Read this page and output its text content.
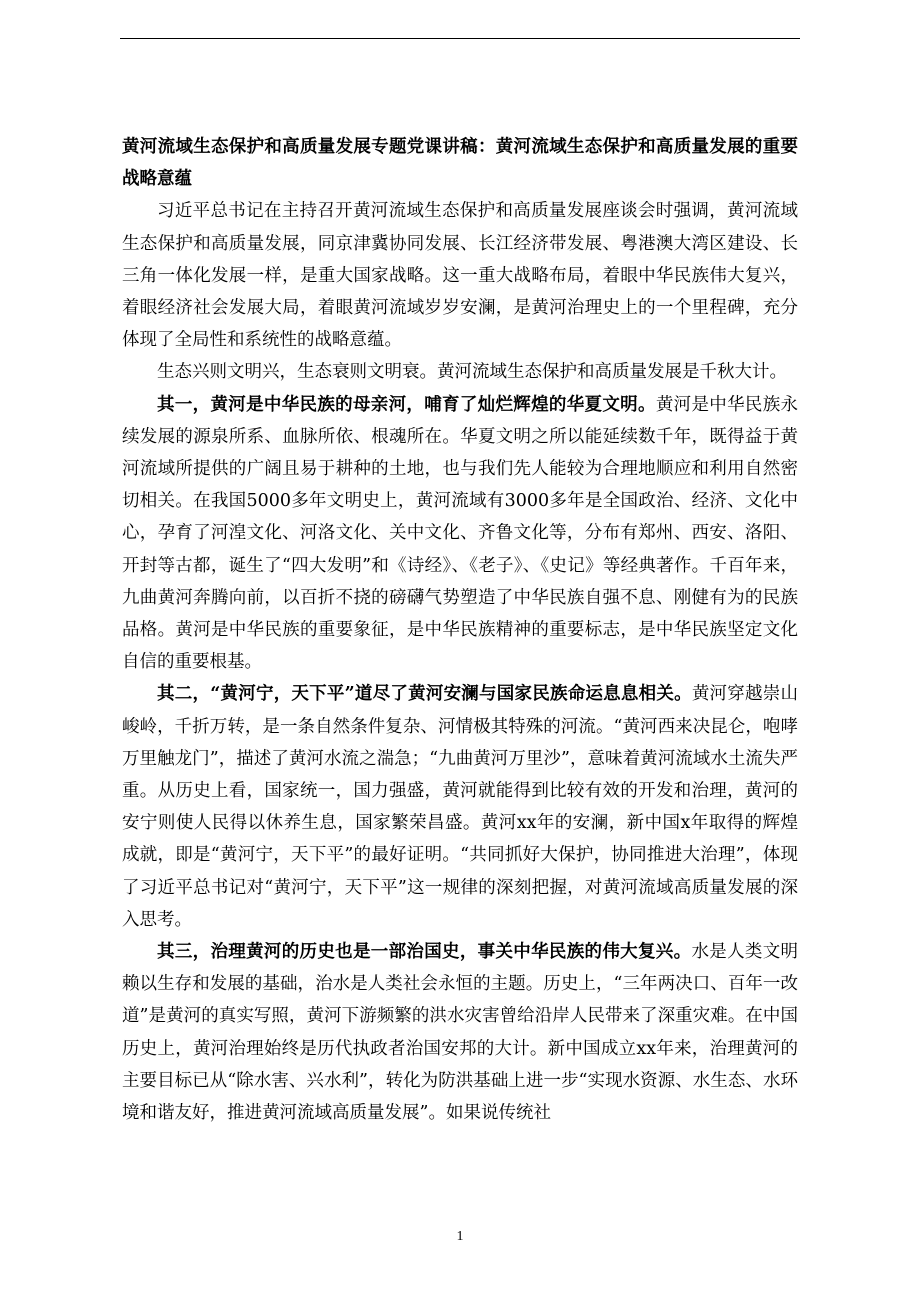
黄河流域生态保护和高质量发展专题党课讲稿：黄河流域生态保护和高质量发展的重要战略意蕴

习近平总书记在主持召开黄河流域生态保护和高质量发展座谈会时强调，黄河流域生态保护和高质量发展，同京津冀协同发展、长江经济带发展、粤港澳大湾区建设、长三角一体化发展一样，是重大国家战略。这一重大战略布局，着眼中华民族伟大复兴，着眼经济社会发展大局，着眼黄河流域岁岁安澜，是黄河治理史上的一个里程碑，充分体现了全局性和系统性的战略意蕴。

生态兴则文明兴，生态衰则文明衰。黄河流域生态保护和高质量发展是千秋大计。

其一，黄河是中华民族的母亲河，哺育了灿烂辉煌的华夏文明。黄河是中华民族永续发展的源泉所系、血脉所依、根魂所在。华夏文明之所以能延续数千年，既得益于黄河流域所提供的广阔且易于耕种的土地，也与我们先人能较为合理地顺应和利用自然密切相关。在我国5000多年文明史上，黄河流域有3000多年是全国政治、经济、文化中心，孕育了河湟文化、河洛文化、关中文化、齐鲁文化等，分布有郑州、西安、洛阳、开封等古都，诞生了“四大发明”和《诗经》、《老子》、《史记》等经典著作。千百年来，九曲黄河奔腾向前，以百折不挠的磅礴气势塑造了中华民族自强不息、刚健有为的民族品格。黄河是中华民族的重要象征，是中华民族精神的重要标志，是中华民族坚定文化自信的重要根基。

其二，“黄河宁，天下平”道尽了黄河安澜与国家民族命运息息相关。黄河穿越崇山峻岭，千折万转，是一条自然条件复杂、河情极其特殊的河流。“黄河西来决昆仑，咆哮万里触龙门”，描述了黄河水流之湍急；“九曲黄河万里沙”，意味着黄河流域水土流失严重。从历史上看，国家统一，国力强盛，黄河就能得到比较有效的开发和治理，黄河的安宁则使人民得以休养生息，国家繁荣昌盛。黄河xx年的安澜，新中国x年取得的辉煌成就，即是“黄河宁，天下平”的最好证明。“共同抓好大保护，协同推进大治理”，体现了习近平总书记对“黄河宁，天下平”这一规律的深刻把握，对黄河流域高质量发展的深入思考。

其三，治理黄河的历史也是一部治国史，事关中华民族的伟大复兴。水是人类文明赖以生存和发展的基础，治水是人类社会永恒的主题。历史上，“三年两决口、百年一改道”是黄河的真实写照，黄河下游频繁的洪水灾害曾给沿岸人民带来了深重灾难。在中国历史上，黄河治理始终是历代执政者治国安邦的大计。新中国成立xx年来，治理黄河的主要目标已从“除水害、兴水利”，转化为防洪基础上进一步“实现水资源、水生态、水环境和谐友好，推进黄河流域高质量发展”。如果说传统社

1
